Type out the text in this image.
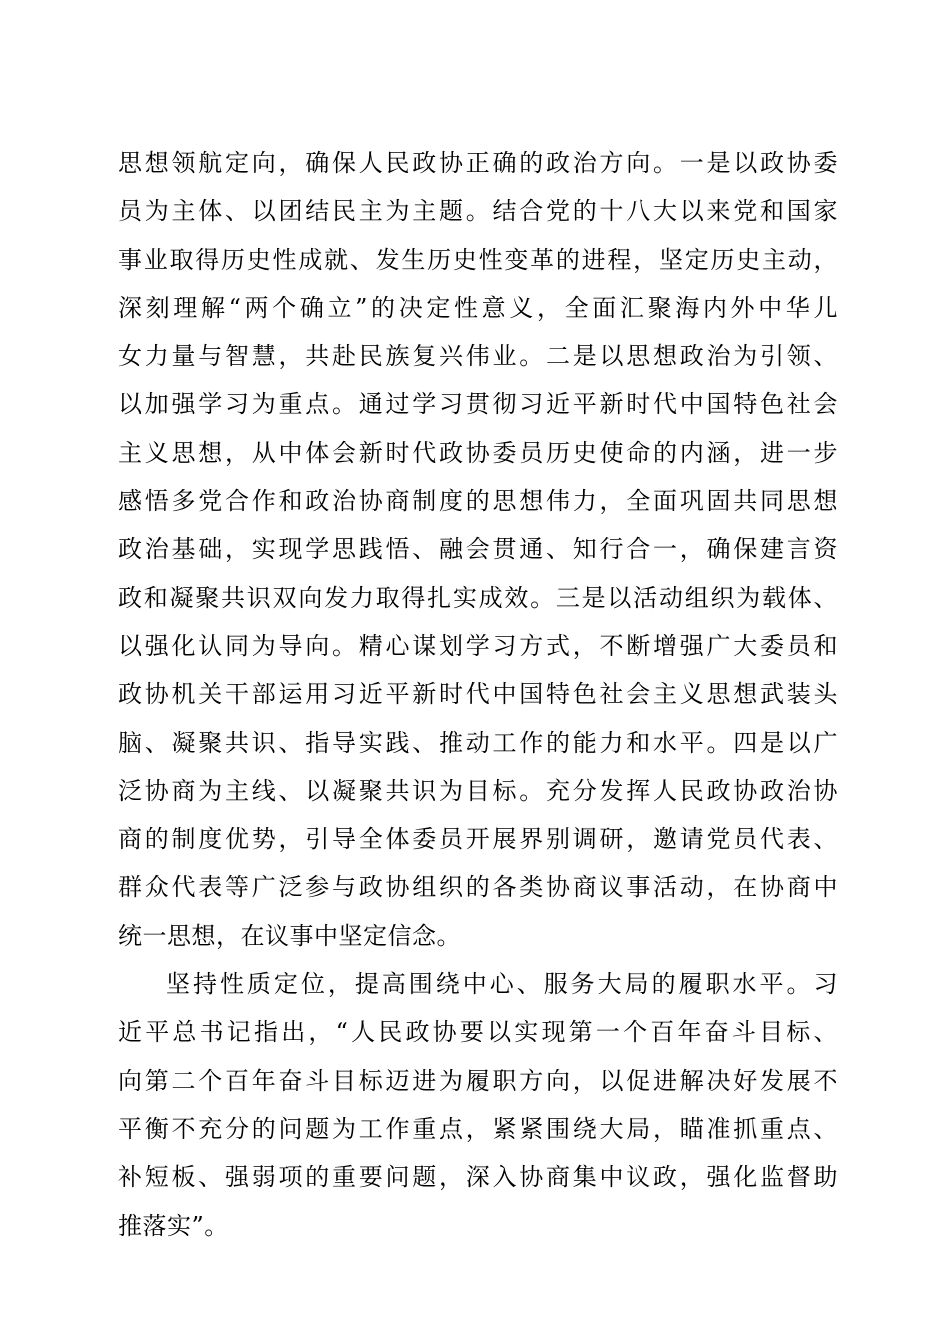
思想领航定向，确保人民政协正确的政治方向。一是以政协委
员为主体、以团结民主为主题。结合党的十八大以来党和国家
事业取得历史性成就、发生历史性变革的进程，坚定历史主动，
深刻理解“两个确立”的决定性意义，全面汇聚海内外中华儿
女力量与智慧，共赴民族复兴伟业。二是以思想政治为引领、
以加强学习为重点。通过学习贯彻习近平新时代中国特色社会
主义思想，从中体会新时代政协委员历史使命的内涵，进一步
感悟多党合作和政治协商制度的思想伟力，全面巩固共同思想
政治基础，实现学思践悟、融会贯通、知行合一，确保建言资
政和凝聚共识双向发力取得扎实成效。三是以活动组织为载体、
以强化认同为导向。精心谋划学习方式，不断增强广大委员和
政协机关干部运用习近平新时代中国特色社会主义思想武装头
脑、凝聚共识、指导实践、推动工作的能力和水平。四是以广
泛协商为主线、以凝聚共识为目标。充分发挥人民政协政治协
商的制度优势，引导全体委员开展界别调研，邀请党员代表、
群众代表等广泛参与政协组织的各类协商议事活动，在协商中
统一思想，在议事中坚定信念。
坚持性质定位，提高围绕中心、服务大局的履职水平。习
近平总书记指出，“人民政协要以实现第一个百年奋斗目标、
向第二个百年奋斗目标迈进为履职方向，以促进解决好发展不
平衡不充分的问题为工作重点，紧紧围绕大局，瞄准抓重点、
补短板、强弱项的重要问题，深入协商集中议政，强化监督助
推落实”。
